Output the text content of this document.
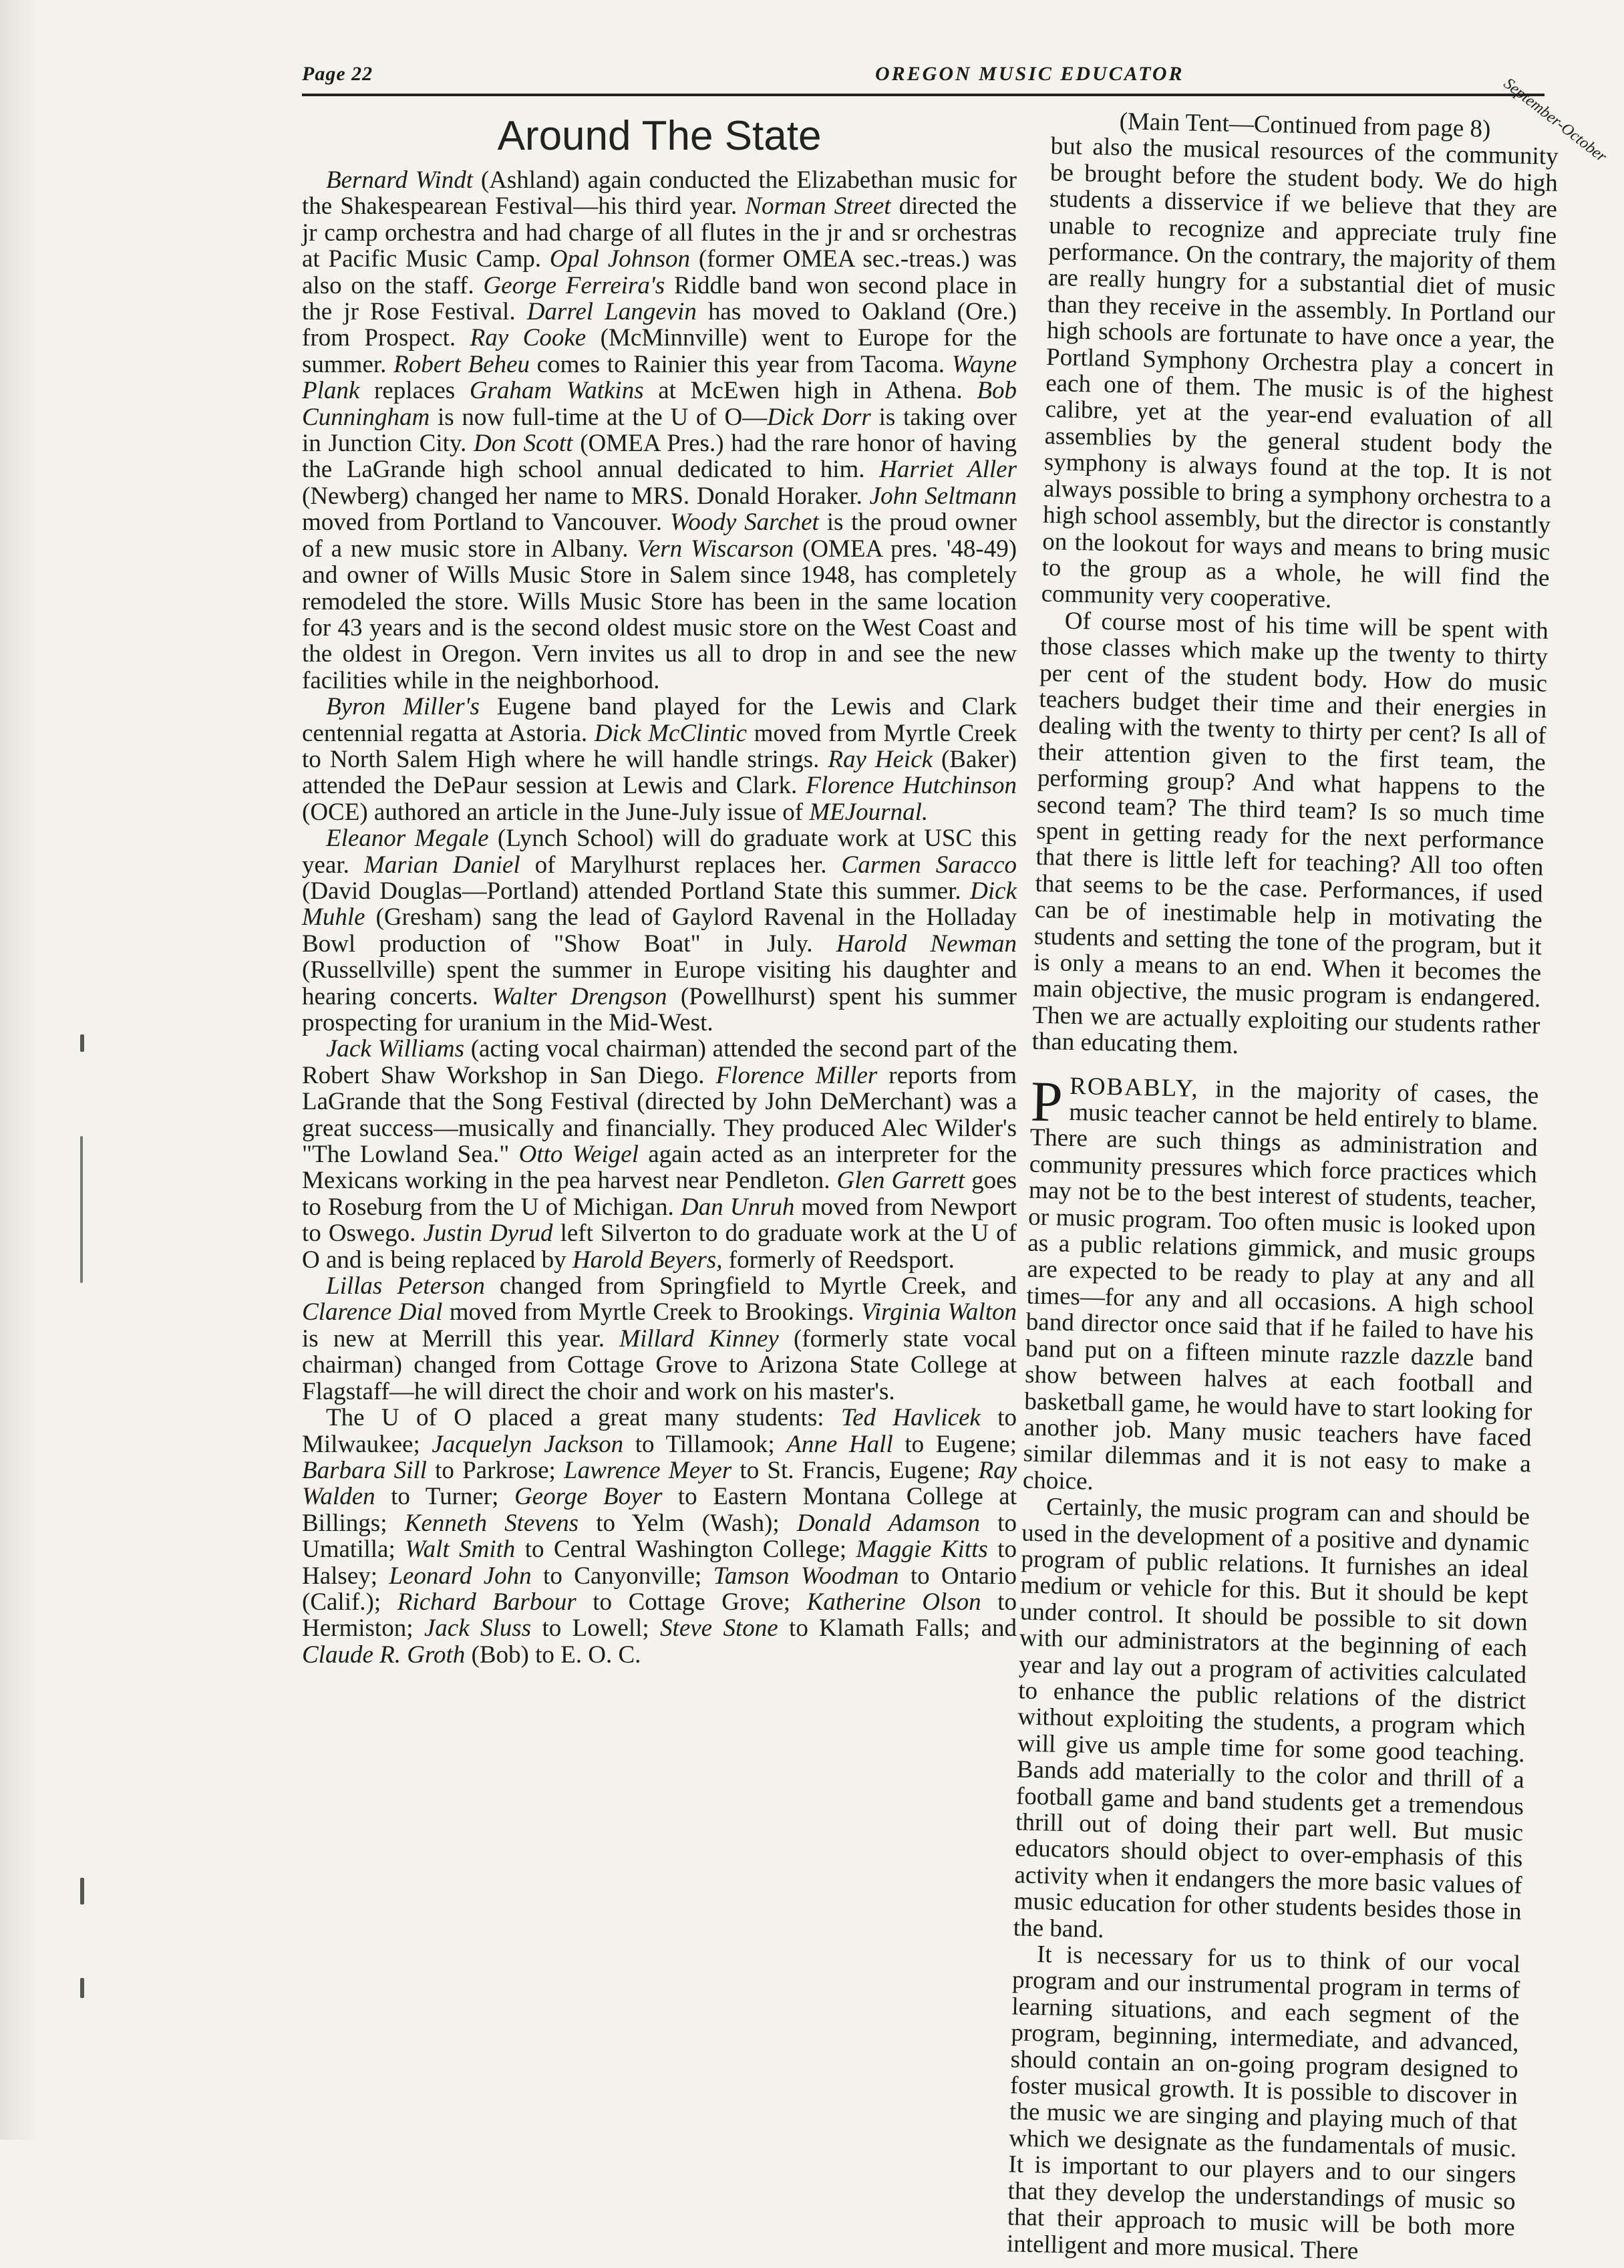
Page 22	OREGON MUSIC EDUCATOR
September-October
Around The State

Bernard Windt (Ashland) again conducted the Elizabethan music for the Shakespearean Festival—his third year. Norman Street directed the jr camp orchestra and had charge of all flutes in the jr and sr orchestras at Pacific Music Camp. Opal Johnson (former OMEA sec.-treas.) was also on the staff. George Ferreira's Riddle band won second place in the jr Rose Festival. Darrel Langevin has moved to Oakland (Ore.) from Prospect. Ray Cooke (McMinnville) went to Europe for the summer. Robert Beheu comes to Rainier this year from Tacoma. Wayne Plank replaces Graham Watkins at McEwen high in Athena. Bob Cunningham is now full-time at the U of O—Dick Dorr is taking over in Junction City. Don Scott (OMEA Pres.) had the rare honor of having the LaGrande high school annual dedicated to him. Harriet Aller (Newberg) changed her name to MRS. Donald Horaker. John Seltmann moved from Portland to Vancouver. Woody Sarchet is the proud owner of a new music store in Albany. Vern Wiscarson (OMEA pres. '48-49) and owner of Wills Music Store in Salem since 1948, has completely remodeled the store. Wills Music Store has been in the same location for 43 years and is the second oldest music store on the West Coast and the oldest in Oregon. Vern invites us all to drop in and see the new facilities while in the neighborhood.

Byron Miller's Eugene band played for the Lewis and Clark centennial regatta at Astoria. Dick McClintic moved from Myrtle Creek to North Salem High where he will handle strings. Ray Heick (Baker) attended the DePaur session at Lewis and Clark. Florence Hutchinson (OCE) authored an article in the June-July issue of MEJournal.

Eleanor Megale (Lynch School) will do graduate work at USC this year. Marian Daniel of Marylhurst replaces her. Carmen Saracco (David Douglas—Portland) attended Portland State this summer. Dick Muhle (Gresham) sang the lead of Gaylord Ravenal in the Holladay Bowl production of "Show Boat" in July. Harold Newman (Russellville) spent the summer in Europe visiting his daughter and hearing concerts. Walter Drengson (Powellhurst) spent his summer prospecting for uranium in the Mid-West.

Jack Williams (acting vocal chairman) attended the second part of the Robert Shaw Workshop in San Diego. Florence Miller reports from LaGrande that the Song Festival (directed by John DeMerchant) was a great success—musically and financially. They produced Alec Wilder's "The Lowland Sea." Otto Weigel again acted as an interpreter for the Mexicans working in the pea harvest near Pendleton. Glen Garrett goes to Roseburg from the U of Michigan. Dan Unruh moved from Newport to Oswego. Justin Dyrud left Silverton to do graduate work at the U of O and is being replaced by Harold Beyers, formerly of Reedsport.

Lillas Peterson changed from Springfield to Myrtle Creek, and Clarence Dial moved from Myrtle Creek to Brookings. Virginia Walton is new at Merrill this year. Millard Kinney (formerly state vocal chairman) changed from Cottage Grove to Arizona State College at Flagstaff—he will direct the choir and work on his master's.

The U of O placed a great many students: Ted Havlicek to Milwaukee; Jacquelyn Jackson to Tillamook; Anne Hall to Eugene; Barbara Sill to Parkrose; Lawrence Meyer to St. Francis, Eugene; Ray Walden to Turner; George Boyer to Eastern Montana College at Billings; Kenneth Stevens to Yelm (Wash); Donald Adamson to Umatilla; Walt Smith to Central Washington College; Maggie Kitts to Halsey; Leonard John to Canyonville; Tamson Woodman to Ontario (Calif.); Richard Barbour to Cottage Grove; Katherine Olson to Hermiston; Jack Sluss to Lowell; Steve Stone to Klamath Falls; and Claude R. Groth (Bob) to E. O. C.

(Main Tent—Continued from page 8)

but also the musical resources of the community be brought before the student body. We do high students a disservice if we believe that they are unable to recognize and appreciate truly fine performance. On the contrary, the majority of them are really hungry for a substantial diet of music than they receive in the assembly. In Portland our high schools are fortunate to have once a year, the Portland Symphony Orchestra play a concert in each one of them. The music is of the highest calibre, yet at the year-end evaluation of all assemblies by the general student body the symphony is always found at the top. It is not always possible to bring a symphony orchestra to a high school assembly, but the director is constantly on the lookout for ways and means to bring music to the group as a whole, he will find the community very cooperative.

Of course most of his time will be spent with those classes which make up the twenty to thirty per cent of the student body. How do music teachers budget their time and their energies in dealing with the twenty to thirty per cent? Is all of their attention given to the first team, the performing group? And what happens to the second team? The third team? Is so much time spent in getting ready for the next performance that there is little left for teaching? All too often that seems to be the case. Performances, if used can be of inestimable help in motivating the students and setting the tone of the program, but it is only a means to an end. When it becomes the main objective, the music program is endangered. Then we are actually exploiting our students rather than educating them.

PROBABLY, in the majority of cases, the music teacher cannot be held entirely to blame. There are such things as administration and community pressures which force practices which may not be to the best interest of students, teacher, or music program. Too often music is looked upon as a public relations gimmick, and music groups are expected to be ready to play at any and all times—for any and all occasions. A high school band director once said that if he failed to have his band put on a fifteen minute razzle dazzle band show between halves at each football and basketball game, he would have to start looking for another job. Many music teachers have faced similar dilemmas and it is not easy to make a choice.

Certainly, the music program can and should be used in the development of a positive and dynamic program of public relations. It furnishes an ideal medium or vehicle for this. But it should be kept under control. It should be possible to sit down with our administrators at the beginning of each year and lay out a program of activities calculated to enhance the public relations of the district without exploiting the students, a program which will give us ample time for some good teaching. Bands add materially to the color and thrill of a football game and band students get a tremendous thrill out of doing their part well. But music educators should object to over-emphasis of this activity when it endangers the more basic values of music education for other students besides those in the band.

It is necessary for us to think of our vocal program and our instrumental program in terms of learning situations, and each segment of the program, beginning, intermediate, and advanced, should contain an on-going program designed to foster musical growth. It is possible to discover in the music we are singing and playing much of that which we designate as the fundamentals of music. It is important to our players and to our singers that they develop the understandings of music so that their approach to music will be both more intelligent and more musical. There
